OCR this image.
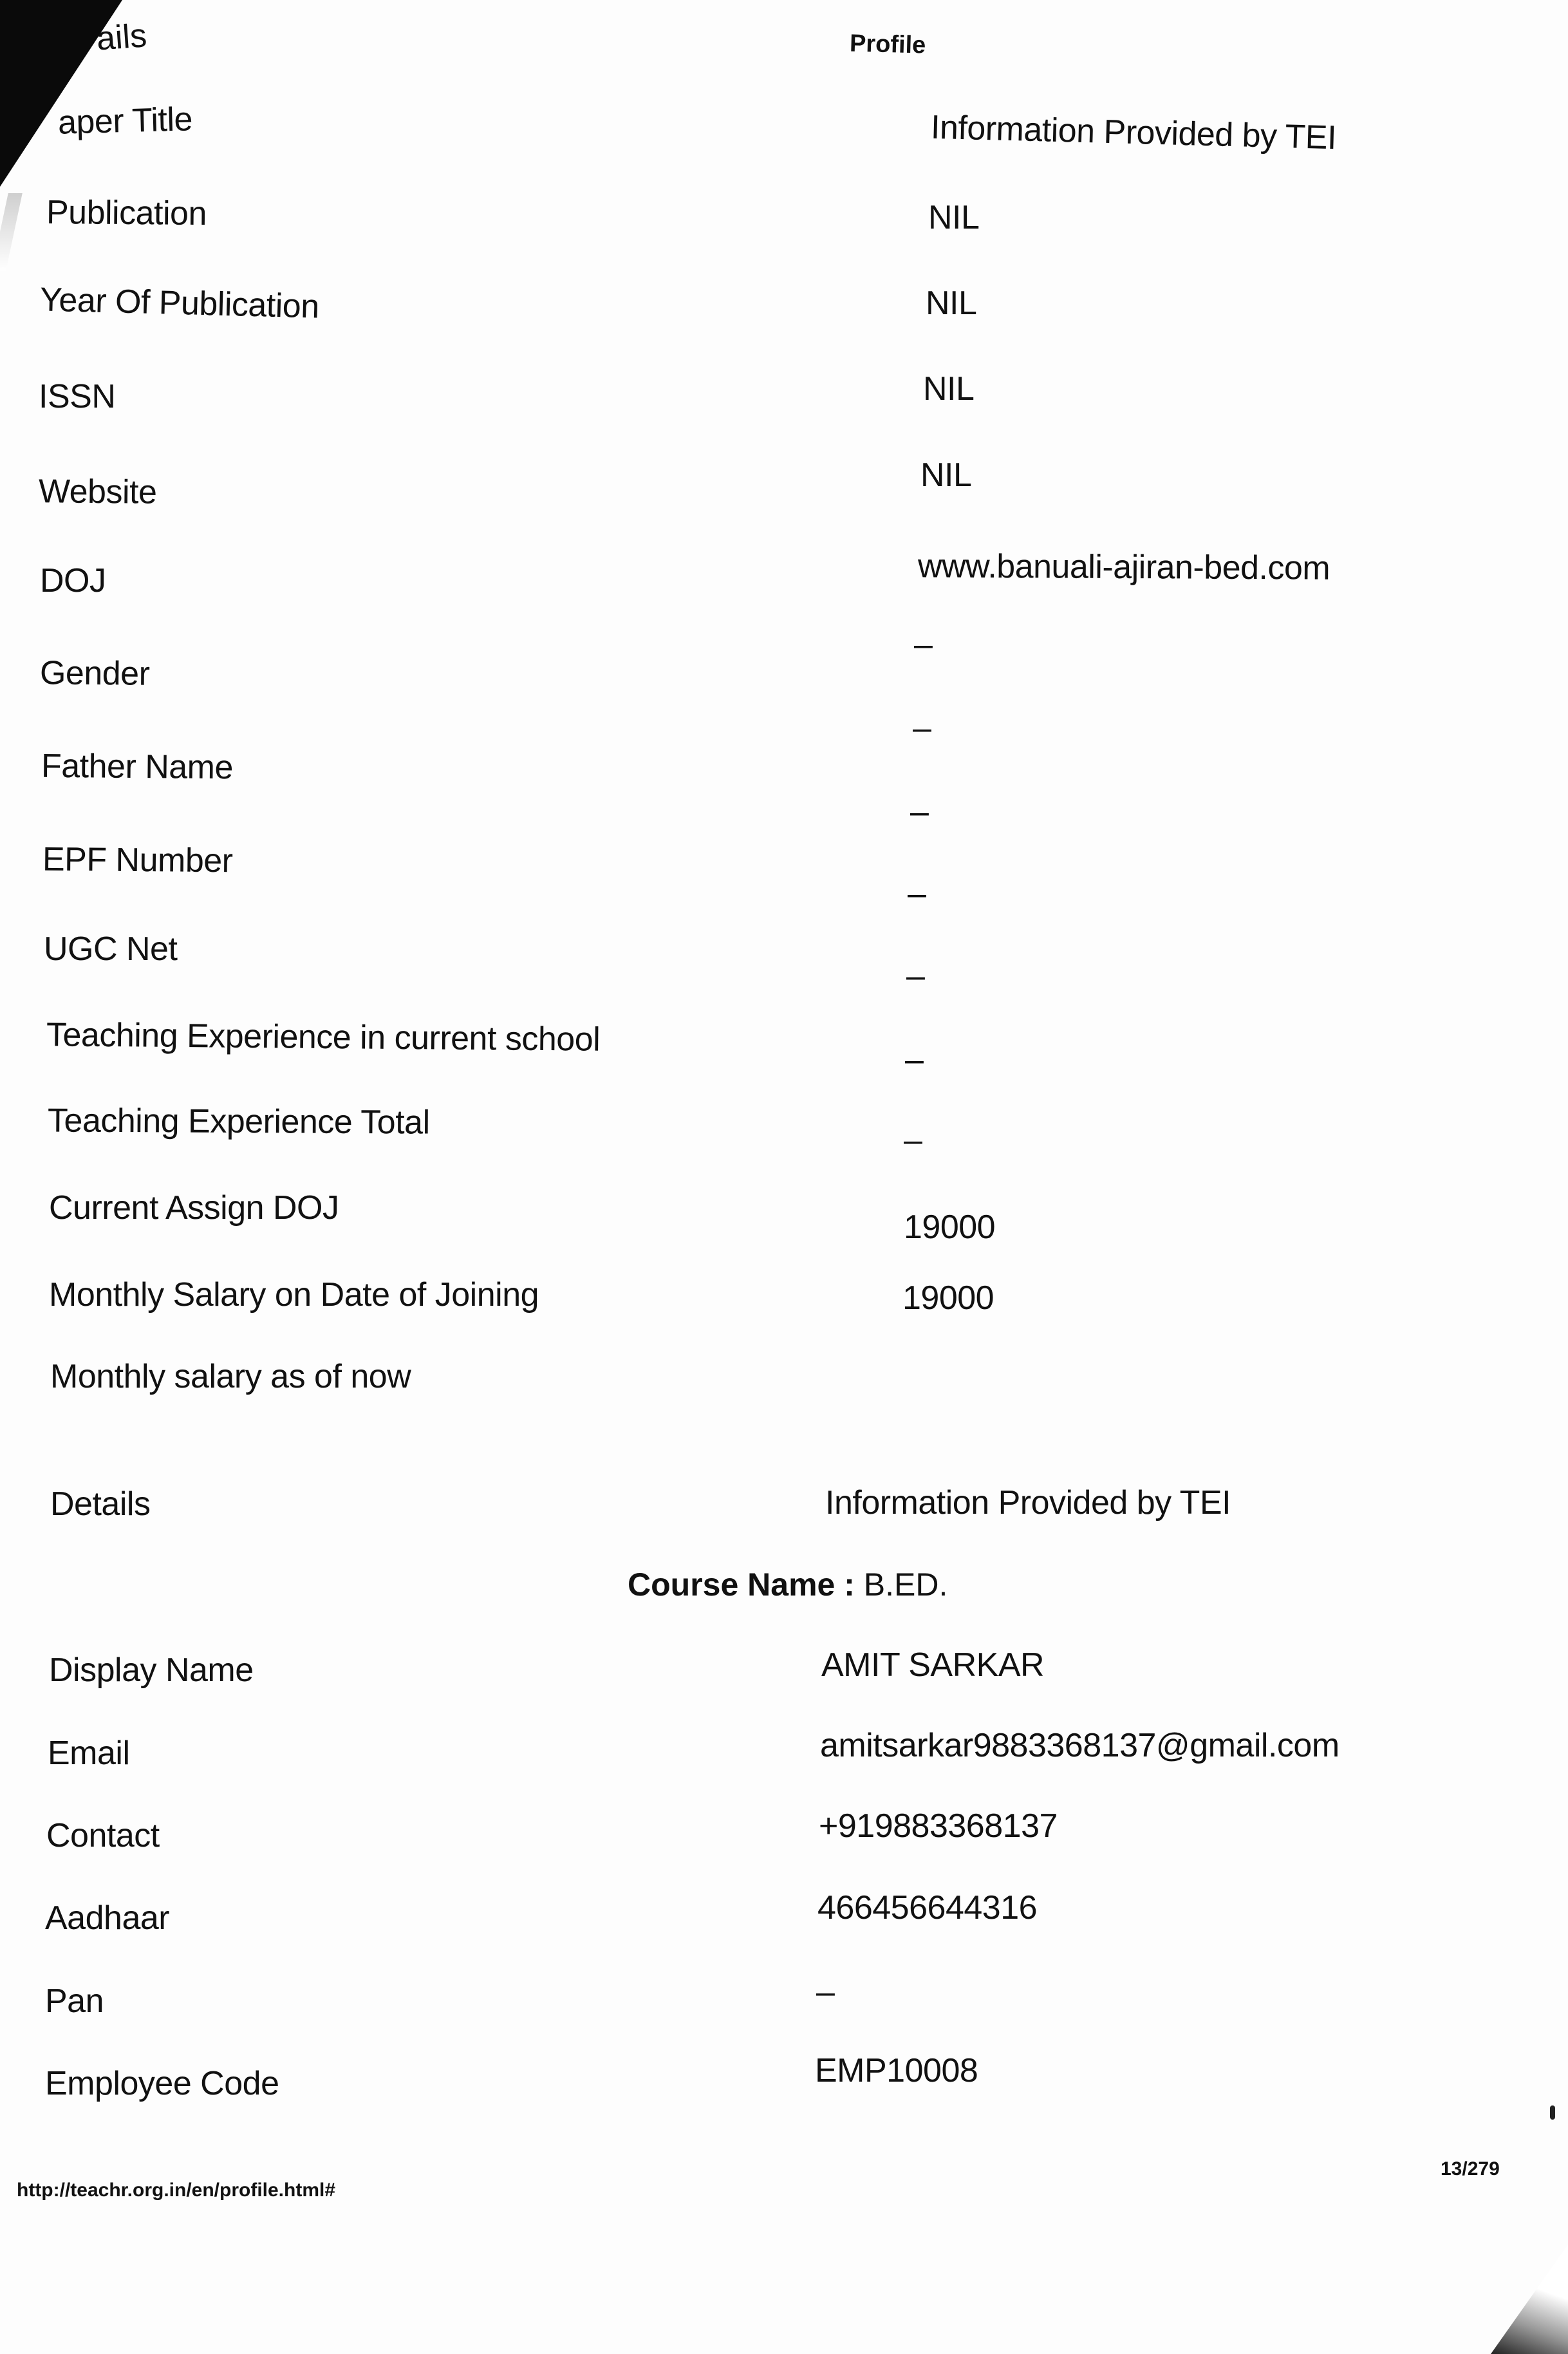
ails	Profile
aper Title
Publication
Year Of Publication
ISSN
Website
DOJ
Gender
Father Name
EPF Number
UGC Net
Teaching Experience in current school
Teaching Experience Total
Current Assign DOJ
Monthly Salary on Date of Joining
Monthly salary as of now
Information Provided by TEI
NIL
NIL
NIL
NIL
www.banuali-ajiran-bed.com
–
–
–
–
–
–
–
19000
19000
Details	Information Provided by TEI
Course Name : B.ED.
Display Name
Email
Contact
Aadhaar
Pan
Employee Code
AMIT SARKAR
amitsarkar9883368137@gmail.com
+919883368137
466456644316
–
EMP10008
http://teachr.org.in/en/profile.html#
13/279
